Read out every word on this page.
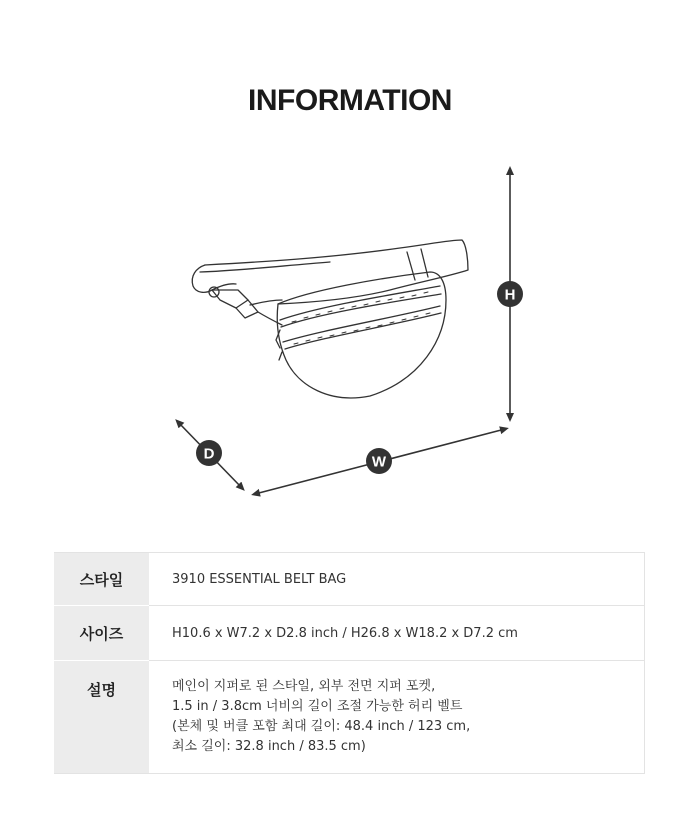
INFORMATION
H
W
D
스타일	3910 ESSENTIAL BELT BAG
사이즈	H10.6 x W7.2 x D2.8 inch / H26.8 x W18.2 x D7.2 cm
설명	메인이 지퍼로 된 스타일, 외부 전면 지퍼 포켓,
1.5 in / 3.8cm 너비의 길이 조절 가능한 허리 벨트
(본체 및 버클 포함 최대 길이: 48.4 inch / 123 cm,
최소 길이: 32.8 inch / 83.5 cm)
